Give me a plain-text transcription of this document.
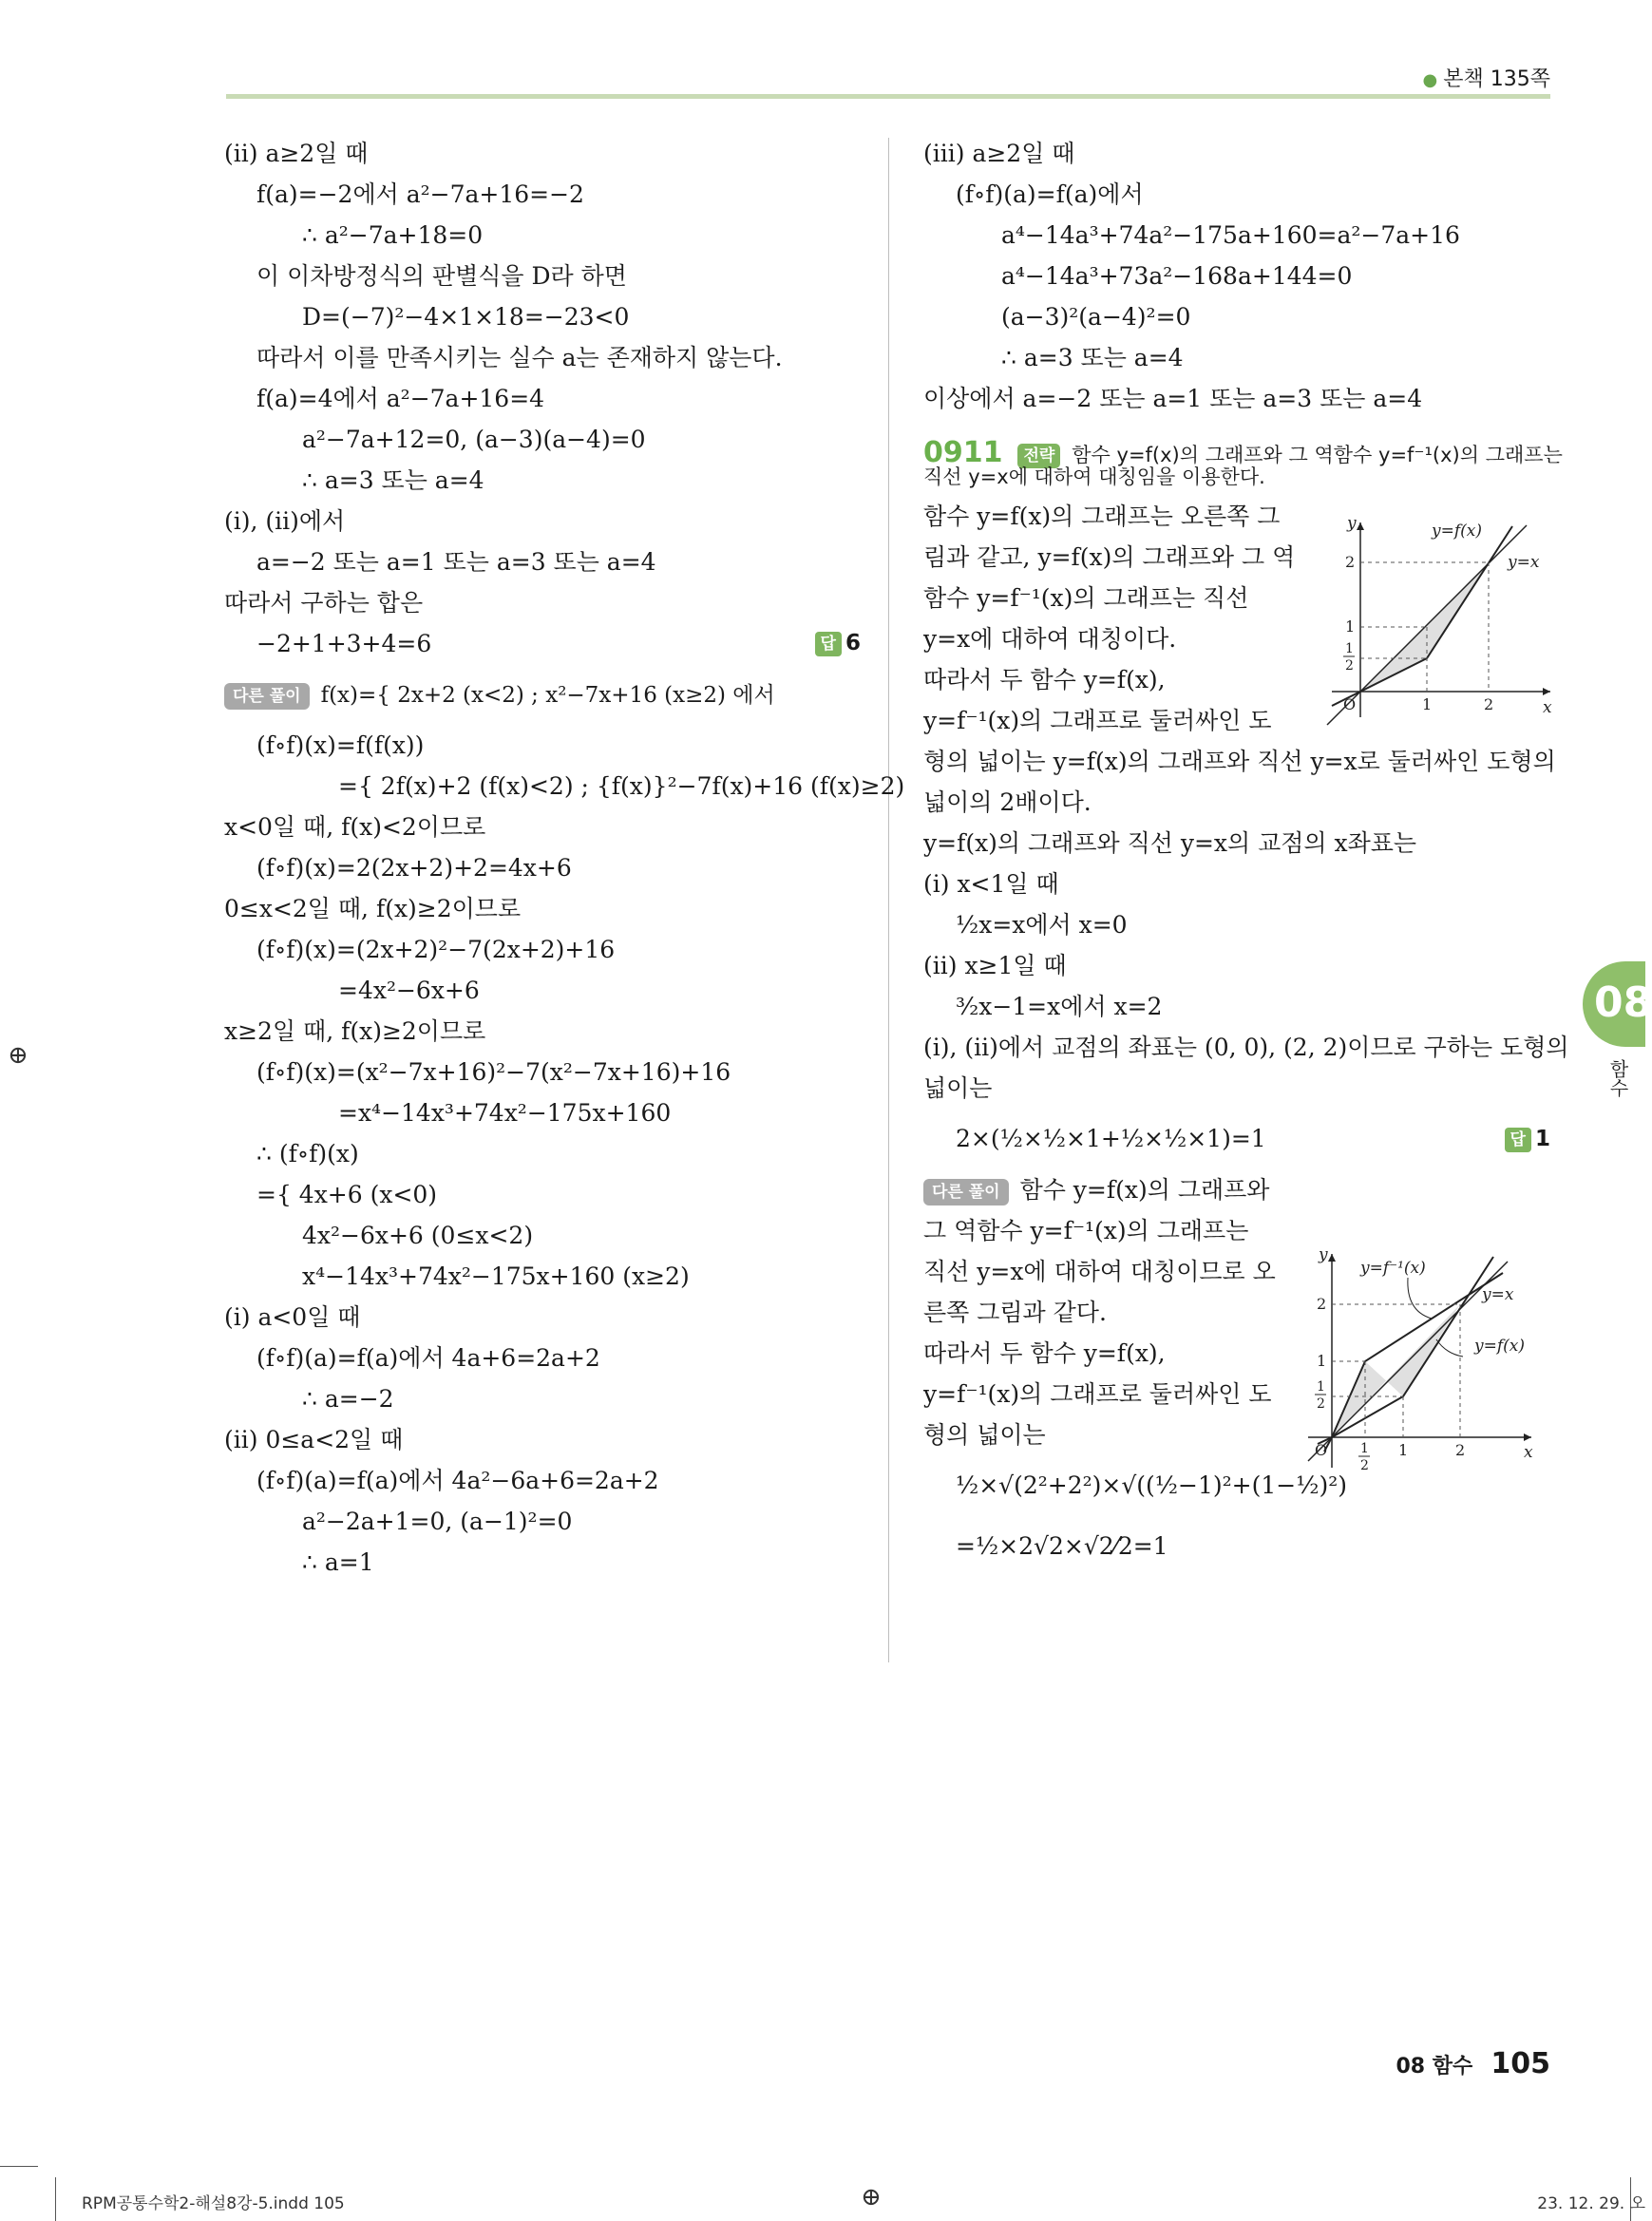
● 본책 135쪽
(ⅱ) a≥2일 때
f(a)=−2에서 a²−7a+16=−2
∴ a²−7a+18=0
이 이차방정식의 판별식을 D라 하면
D=(−7)²−4×1×18=−23<0
따라서 이를 만족시키는 실수 a는 존재하지 않는다.
f(a)=4에서 a²−7a+16=4
a²−7a+12=0, (a−3)(a−4)=0
∴ a=3 또는 a=4
(ⅰ), (ⅱ)에서
a=−2 또는 a=1 또는 a=3 또는 a=4
따라서 구하는 합은
−2+1+3+4=6	답 6
다른 풀이 f(x)={ 2x+2 (x<2) ; x²−7x+16 (x≥2) 에서
(f∘f)(x)=f(f(x))
={ 2f(x)+2 (f(x)<2) ; {f(x)}²−7f(x)+16 (f(x)≥2)
x<0일 때, f(x)<2이므로
(f∘f)(x)=2(2x+2)+2=4x+6
0≤x<2일 때, f(x)≥2이므로
(f∘f)(x)=(2x+2)²−7(2x+2)+16
=4x²−6x+6
x≥2일 때, f(x)≥2이므로
(f∘f)(x)=(x²−7x+16)²−7(x²−7x+16)+16
=x⁴−14x³+74x²−175x+160
∴ (f∘f)(x)
={ 4x+6 (x<0)
4x²−6x+6 (0≤x<2)
x⁴−14x³+74x²−175x+160 (x≥2)
(ⅰ) a<0일 때
(f∘f)(a)=f(a)에서 4a+6=2a+2
∴ a=−2
(ⅱ) 0≤a<2일 때
(f∘f)(a)=f(a)에서 4a²−6a+6=2a+2
a²−2a+1=0, (a−1)²=0
∴ a=1
(ⅲ) a≥2일 때
(f∘f)(a)=f(a)에서
a⁴−14a³+74a²−175a+160=a²−7a+16
a⁴−14a³+73a²−168a+144=0
(a−3)²(a−4)²=0
∴ a=3 또는 a=4
이상에서 a=−2 또는 a=1 또는 a=3 또는 a=4
0911 전략 함수 y=f(x)의 그래프와 그 역함수 y=f⁻¹(x)의 그래프는
직선 y=x에 대하여 대칭임을 이용한다.
함수 y=f(x)의 그래프는 오른쪽 그
림과 같고, y=f(x)의 그래프와 그 역
함수 y=f⁻¹(x)의 그래프는 직선
y=x에 대하여 대칭이다.
따라서 두 함수 y=f(x),
y=f⁻¹(x)의 그래프로 둘러싸인 도
형의 넓이는 y=f(x)의 그래프와 직선 y=x로 둘러싸인 도형의
넓이의 2배이다.
y=f(x)의 그래프와 직선 y=x의 교점의 x좌표는
(ⅰ) x<1일 때
½x=x에서 x=0
(ⅱ) x≥1일 때
³⁄₂x−1=x에서 x=2
(ⅰ), (ⅱ)에서 교점의 좌표는 (0, 0), (2, 2)이므로 구하는 도형의
넓이는
2×(½×½×1+½×½×1)=1	답 1
다른 풀이 함수 y=f(x)의 그래프와
그 역함수 y=f⁻¹(x)의 그래프는
직선 y=x에 대하여 대칭이므로 오
른쪽 그림과 같다.
따라서 두 함수 y=f(x),
y=f⁻¹(x)의 그래프로 둘러싸인 도
형의 넓이는
½×√(2²+2²)×√((½−1)²+(1−½)²)
=½×2√2×√2⁄2=1
y
x
y=f(x)
y=x
O
2
1
1
2
1	2
y
x
y=f⁻¹(x)
y=x
y=f(x)
O
2
1
1
2
1
2
1	2
08
함수
08 함수 105
⊕
⊕
RPM공통수학2-해설8강-5.indd 105	23. 12. 29. 오
